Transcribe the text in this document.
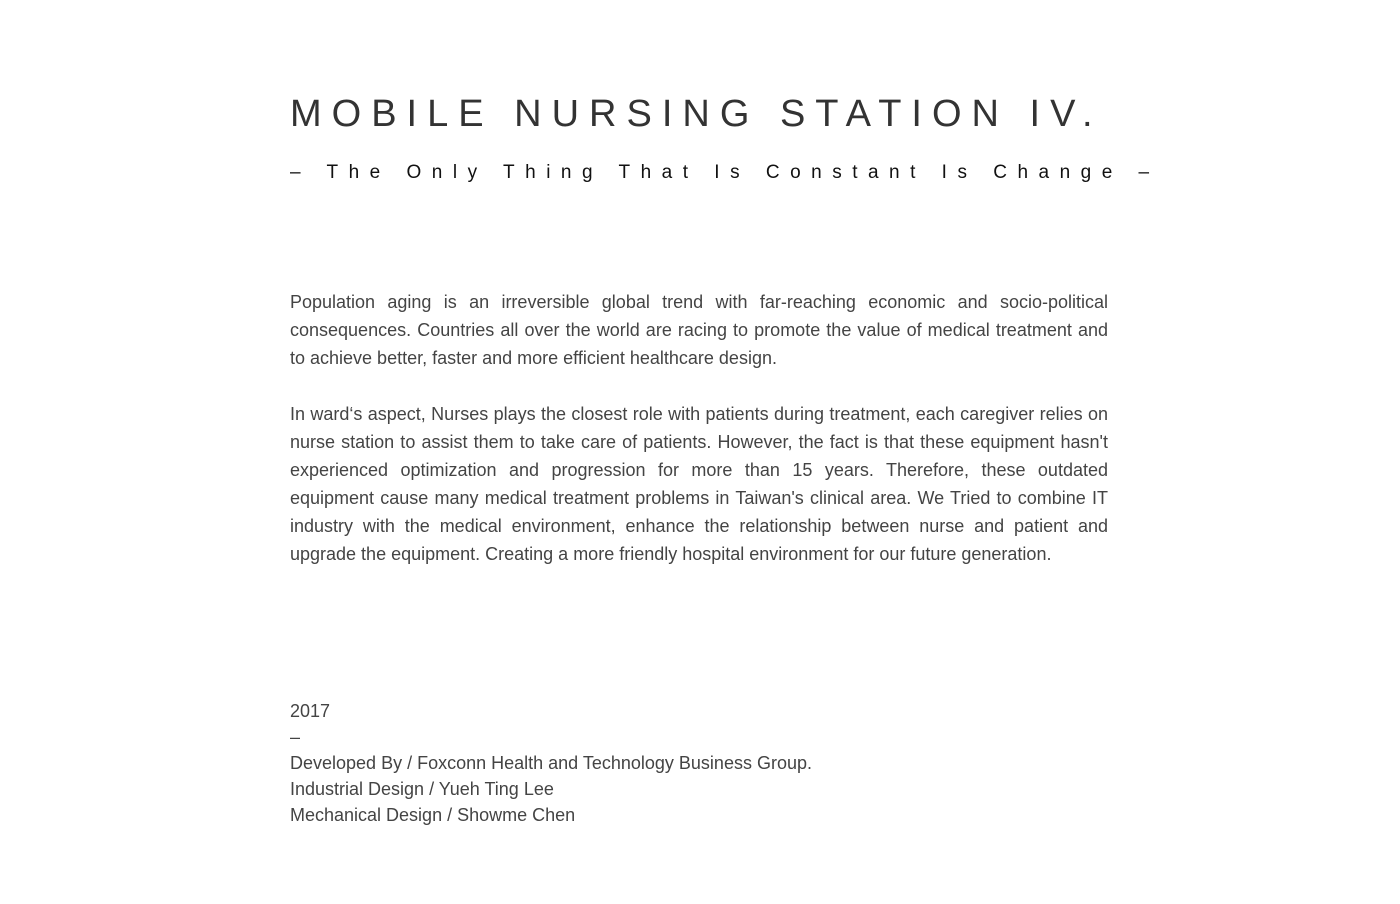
MOBILE NURSING STATION IV.
– The Only Thing That Is Constant Is Change –

Population aging is an irreversible global trend with far-reaching economic and socio-political consequences. Countries all over the world are racing to promote the value of medical treatment and to achieve better, faster and more efficient healthcare design.

In ward‘s aspect, Nurses plays the closest role with patients during treatment, each caregiver relies on nurse station to assist them to take care of patients. However, the fact is that these equipment hasn't experienced optimization and progression for more than 15 years. Therefore, these outdated equipment cause many medical treatment problems in Taiwan's clinical area. We Tried to combine IT industry with the medical environment, enhance the relationship between nurse and patient and upgrade the equipment. Creating a more friendly hospital environment for our future generation.

2017
–
Developed By / Foxconn Health and Technology Business Group.
Industrial Design / Yueh Ting Lee
Mechanical Design / Showme Chen
